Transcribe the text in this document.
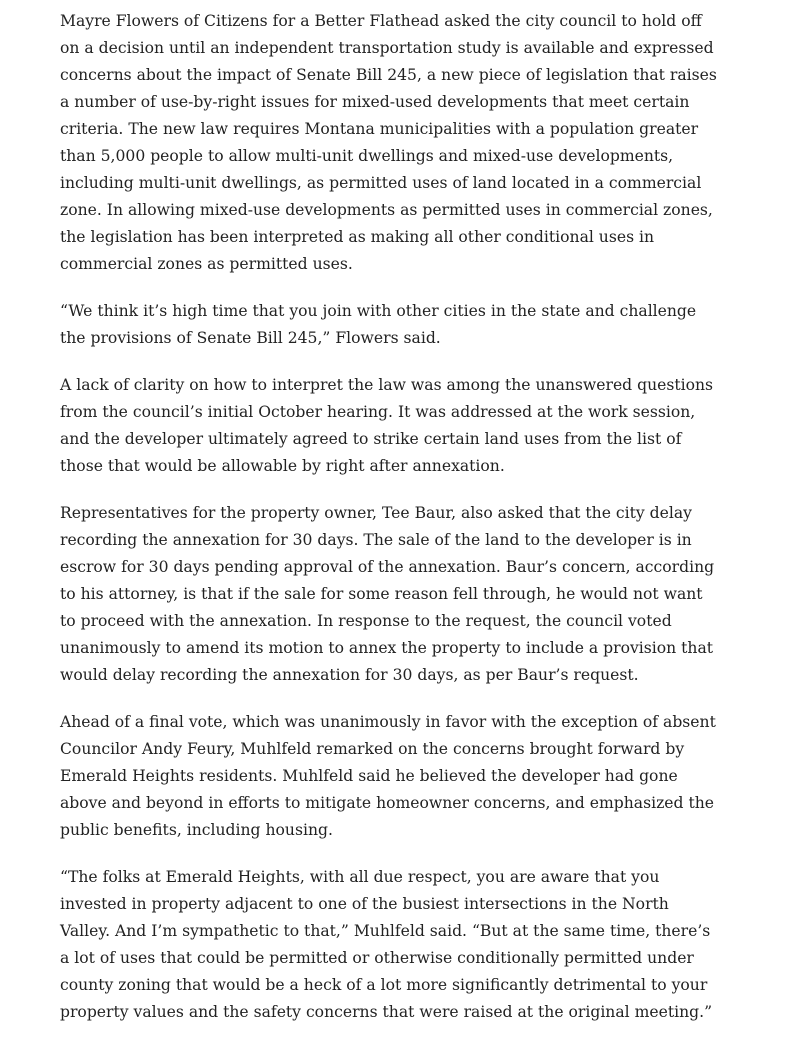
Mayre Flowers of Citizens for a Better Flathead asked the city council to hold off on a decision until an independent transportation study is available and expressed concerns about the impact of Senate Bill 245, a new piece of legislation that raises a number of use-by-right issues for mixed-used developments that meet certain criteria. The new law requires Montana municipalities with a population greater than 5,000 people to allow multi-unit dwellings and mixed-use developments, including multi-unit dwellings, as permitted uses of land located in a commercial zone. In allowing mixed-use developments as permitted uses in commercial zones, the legislation has been interpreted as making all other conditional uses in commercial zones as permitted uses.

“We think it’s high time that you join with other cities in the state and challenge the provisions of Senate Bill 245,” Flowers said.

A lack of clarity on how to interpret the law was among the unanswered questions from the council’s initial October hearing. It was addressed at the work session, and the developer ultimately agreed to strike certain land uses from the list of those that would be allowable by right after annexation.

Representatives for the property owner, Tee Baur, also asked that the city delay recording the annexation for 30 days. The sale of the land to the developer is in escrow for 30 days pending approval of the annexation. Baur’s concern, according to his attorney, is that if the sale for some reason fell through, he would not want to proceed with the annexation. In response to the request, the council voted unanimously to amend its motion to annex the property to include a provision that would delay recording the annexation for 30 days, as per Baur’s request.

Ahead of a final vote, which was unanimously in favor with the exception of absent Councilor Andy Feury, Muhlfeld remarked on the concerns brought forward by Emerald Heights residents. Muhlfeld said he believed the developer had gone above and beyond in efforts to mitigate homeowner concerns, and emphasized the public benefits, including housing.

“The folks at Emerald Heights, with all due respect, you are aware that you invested in property adjacent to one of the busiest intersections in the North Valley. And I’m sympathetic to that,” Muhlfeld said. “But at the same time, there’s a lot of uses that could be permitted or otherwise conditionally permitted under county zoning that would be a heck of a lot more significantly detrimental to your property values and the safety concerns that were raised at the original meeting.”
